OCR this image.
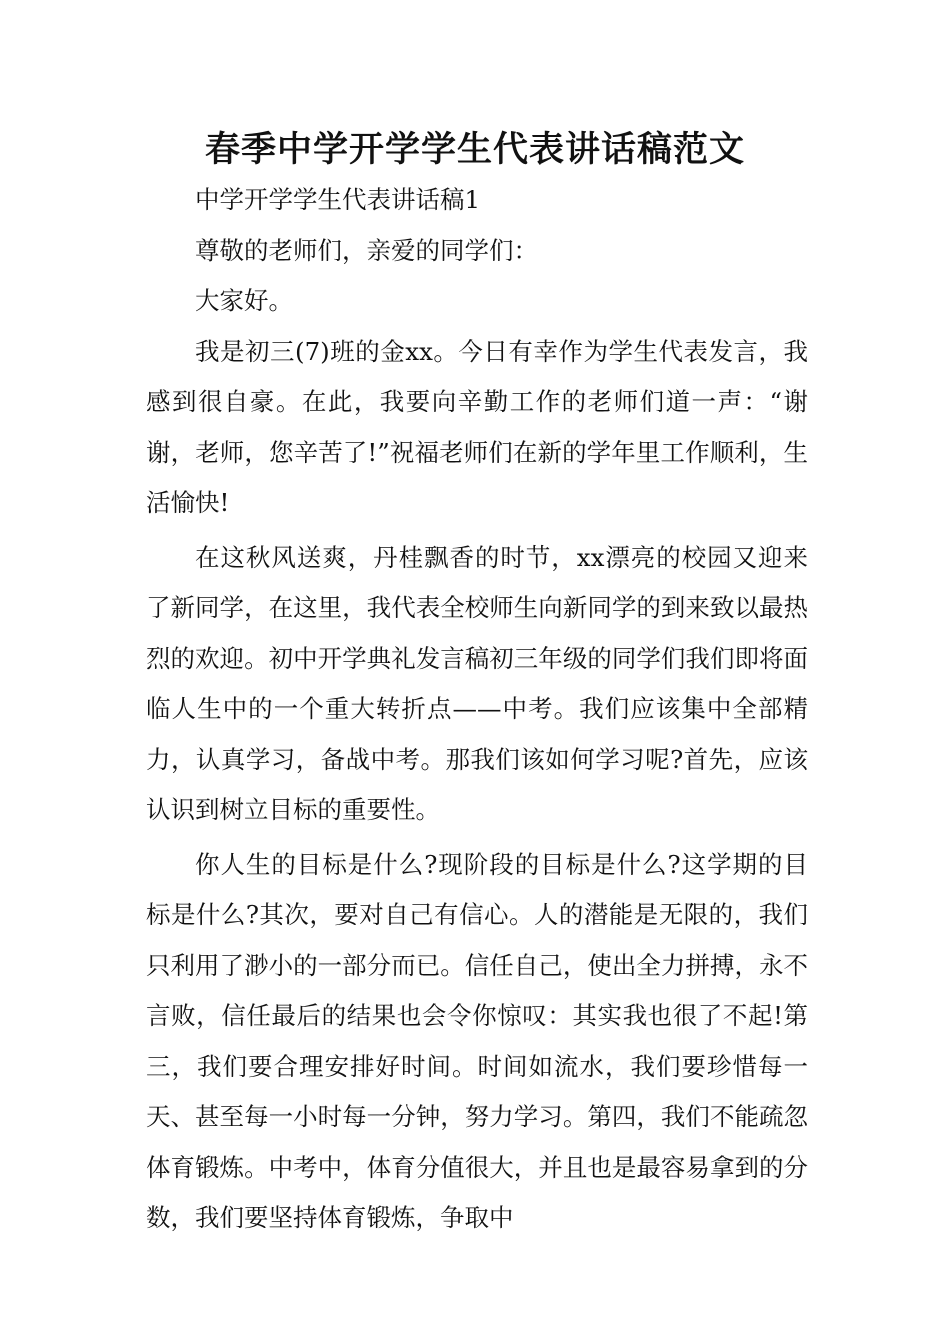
春季中学开学学生代表讲话稿范文

中学开学学生代表讲话稿1

尊敬的老师们，亲爱的同学们：

大家好。

我是初三(7)班的金xx。今日有幸作为学生代表发言，我感到很自豪。在此，我要向辛勤工作的老师们道一声：“谢谢，老师，您辛苦了!”祝福老师们在新的学年里工作顺利，生活愉快!

在这秋风送爽，丹桂飘香的时节，xx漂亮的校园又迎来了新同学，在这里，我代表全校师生向新同学的到来致以最热烈的欢迎。初中开学典礼发言稿初三年级的同学们我们即将面临人生中的一个重大转折点——中考。我们应该集中全部精力，认真学习，备战中考。那我们该如何学习呢?首先，应该认识到树立目标的重要性。

你人生的目标是什么?现阶段的目标是什么?这学期的目标是什么?其次，要对自己有信心。人的潜能是无限的，我们只利用了渺小的一部分而已。信任自己，使出全力拼搏，永不言败，信任最后的结果也会令你惊叹：其实我也很了不起!第三，我们要合理安排好时间。时间如流水，我们要珍惜每一天、甚至每一小时每一分钟，努力学习。第四，我们不能疏忽体育锻炼。中考中，体育分值很大，并且也是最容易拿到的分数，我们要坚持体育锻炼，争取中
